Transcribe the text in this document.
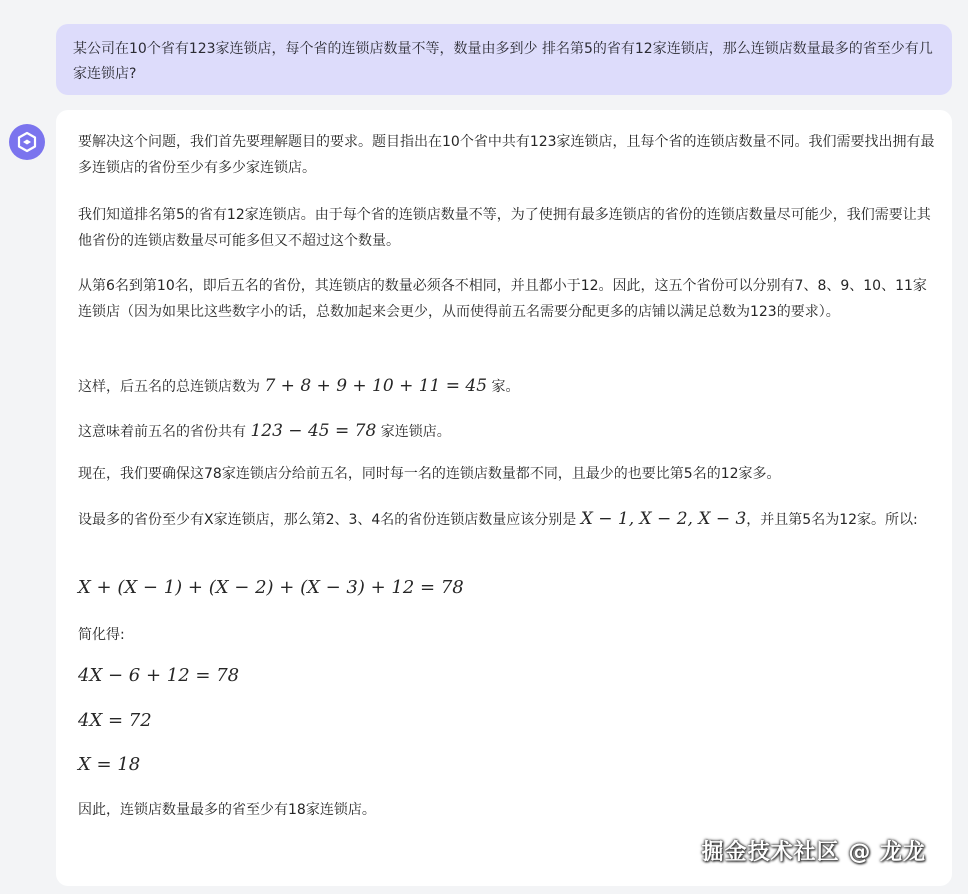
某公司在10个省有123家连锁店，每个省的连锁店数量不等，数量由多到少 排名第5的省有12家连锁店，那么连锁店数量最多的省至少有几家连锁店?

要解决这个问题，我们首先要理解题目的要求。题目指出在10个省中共有123家连锁店，且每个省的连锁店数量不同。我们需要找出拥有最多连锁店的省份至少有多少家连锁店。

我们知道排名第5的省有12家连锁店。由于每个省的连锁店数量不等，为了使拥有最多连锁店的省份的连锁店数量尽可能少，我们需要让其他省份的连锁店数量尽可能多但又不超过这个数量。

从第6名到第10名，即后五名的省份，其连锁店的数量必须各不相同，并且都小于12。因此，这五个省份可以分别有7、8、9、10、11家连锁店（因为如果比这些数字小的话，总数加起来会更少，从而使得前五名需要分配更多的店铺以满足总数为123的要求）。

这样，后五名的总连锁店数为 7 + 8 + 9 + 10 + 11 = 45 家。

这意味着前五名的省份共有 123 − 45 = 78 家连锁店。

现在，我们要确保这78家连锁店分给前五名，同时每一名的连锁店数量都不同，且最少的也要比第5名的12家多。

设最多的省份至少有X家连锁店，那么第2、3、4名的省份连锁店数量应该分别是 X − 1, X − 2, X − 3，并且第5名为12家。所以:

X + (X − 1) + (X − 2) + (X − 3) + 12 = 78

简化得:

4X − 6 + 12 = 78
4X = 72
X = 18

因此，连锁店数量最多的省至少有18家连锁店。

掘金技术社区 @ 龙龙
